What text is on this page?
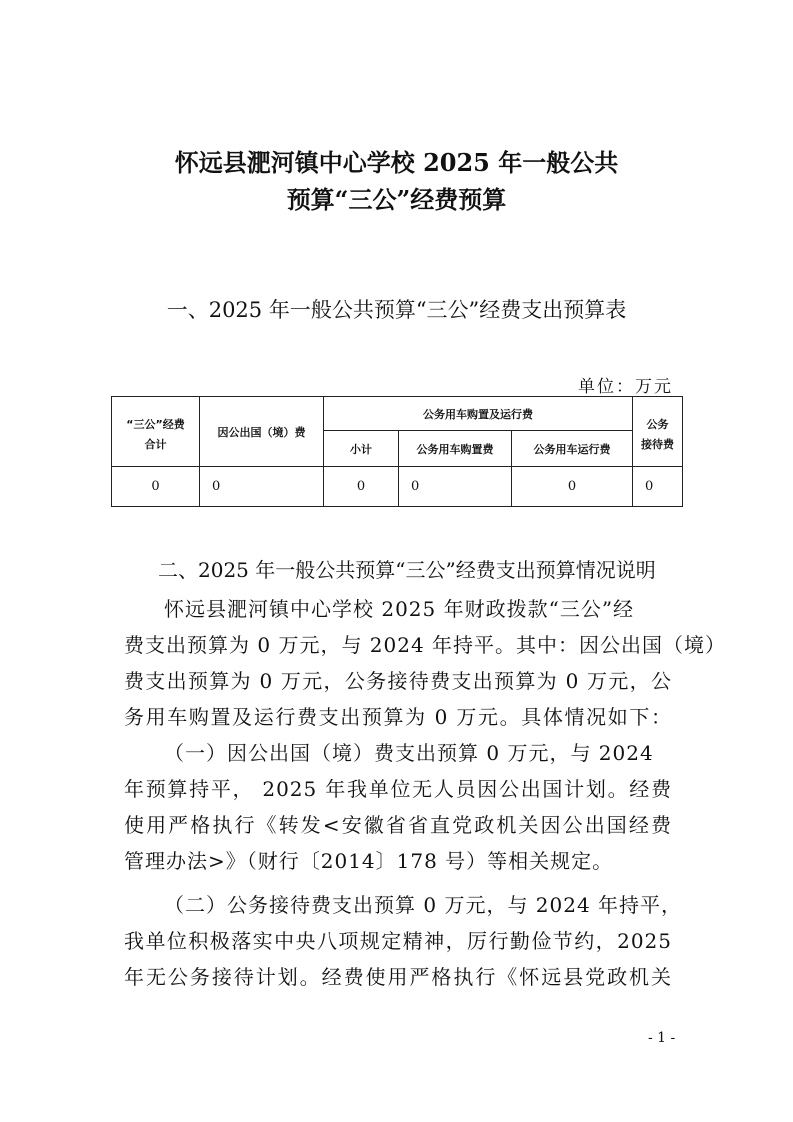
怀远县淝河镇中心学校 2025 年一般公共
预算“三公”经费预算
一、2025 年一般公共预算“三公”经费支出预算表
单位：万元
“三公”经费
合计	因公出国（境）费	公务用车购置及运行费			公务
接待费

		小计	公务用车购置费	公务用车运行费	
0	0	0	0	0	0
二、2025 年一般公共预算“三公”经费支出预算情况说明
怀远县淝河镇中心学校 2025 年财政拨款“三公”经
费支出预算为 0 万元，与 2024 年持平。其中：因公出国（境）
费支出预算为 0 万元，公务接待费支出预算为 0 万元，公
务用车购置及运行费支出预算为 0 万元。具体情况如下：
（一）因公出国（境）费支出预算 0 万元，与 2024
年预算持平， 2025 年我单位无人员因公出国计划。经费
使用严格执行《转发<安徽省省直党政机关因公出国经费
管理办法>》（财行〔2014〕178 号）等相关规定。
（二）公务接待费支出预算 0 万元，与 2024 年持平，
我单位积极落实中央八项规定精神，厉行勤俭节约，2025
年无公务接待计划。经费使用严格执行《怀远县党政机关
- 1 -
